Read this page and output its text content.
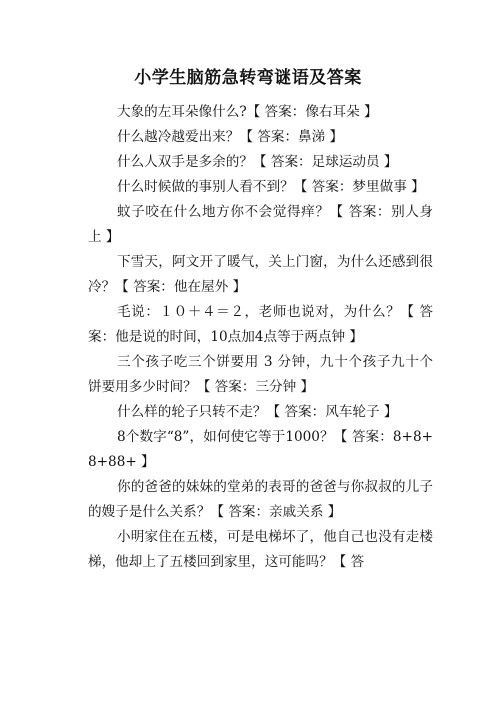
小学生脑筋急转弯谜语及答案

大象的左耳朵像什么?【 答案：像右耳朵 】

什么越冷越爱出来？【 答案：鼻涕 】

什么人双手是多余的？【 答案：足球运动员 】

什么时候做的事别人看不到？【 答案：梦里做事 】

蚊子咬在什么地方你不会觉得痒？【 答案：别人身上 】

下雪天，阿文开了暖气，关上门窗，为什么还感到很冷？【 答案：他在屋外 】

毛说：１０＋４＝２，老师也说对，为什么？【 答案：他是说的时间，10点加4点等于两点钟 】

三个孩子吃三个饼要用 3 分钟，九十个孩子九十个饼要用多少时间？【 答案：三分钟 】

什么样的轮子只转不走？【 答案：风车轮子 】

8个数字“8”，如何使它等于1000？【 答案：8+8+8+88+ 】

你的爸爸的妹妹的堂弟的表哥的爸爸与你叔叔的儿子的嫂子是什么关系？【 答案：亲戚关系 】

小明家住在五楼，可是电梯坏了，他自己也没有走楼梯，他却上了五楼回到家里，这可能吗？【 答
